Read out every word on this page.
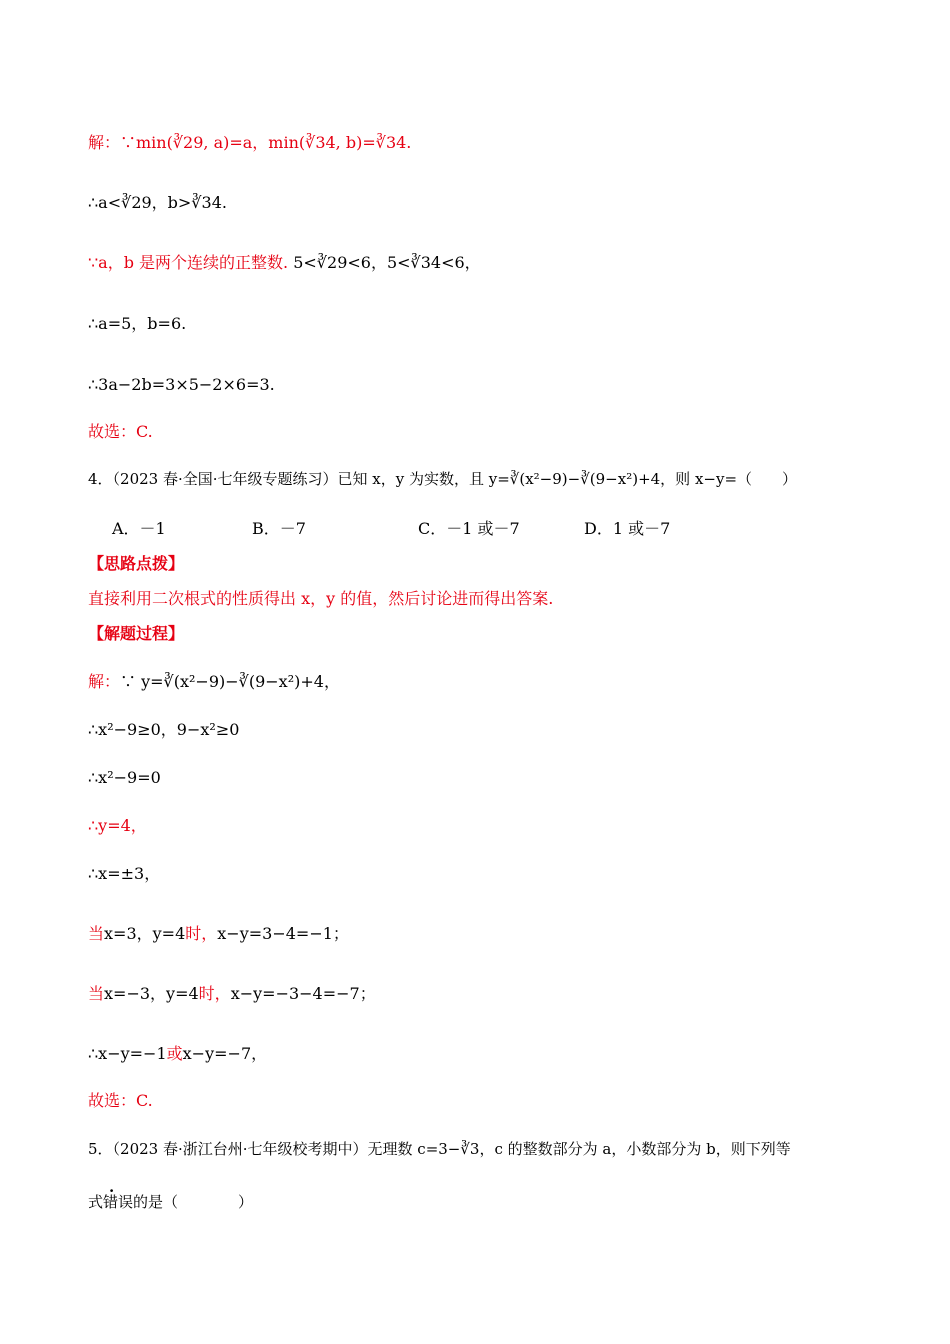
解：∵min(∛29, a)=a，min(∛34, b)=∛34.
∴a<∛29，b>∛34.
∵a，b 是两个连续的正整数. 5<∛29<6，5<∛34<6，
∴a=5，b=6.
∴3a−2b=3×5−2×6=3.
故选：C.
4．（2023 春·全国·七年级专题练习）已知 x，y 为实数，且 y=∛(x²−9)−∛(9−x²)+4，则 x−y=（　　）
A．－1	B．－7	C．－1 或－7	D．1 或－7
【思路点拨】
直接利用二次根式的性质得出 x，y 的值，然后讨论进而得出答案.
【解题过程】
解：∵ y=∛(x²−9)−∛(9−x²)+4，
∴x²−9≥0，9−x²≥0
∴x²−9=0
∴y=4，
∴x=±3，
当x=3，y=4时，x−y=3−4=−1；
当x=−3，y=4时，x−y=−3−4=−7；
∴x−y=−1或x−y=−7，
故选：C.
5．（2023 春·浙江台州·七年级校考期中）无理数 c=3−∛3，c 的整数部分为 a，小数部分为 b，则下列等
式错误的是（　　　　）
